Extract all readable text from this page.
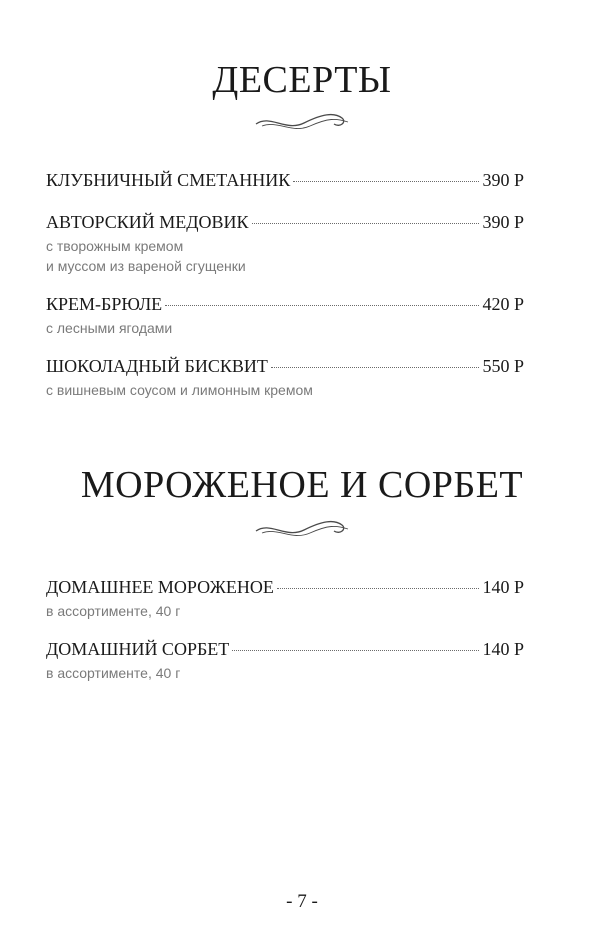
ДЕСЕРТЫ
КЛУБНИЧНЫЙ СМЕТАННИК	390 Р
АВТОРСКИЙ МЕДОВИК	390 Р
с творожным кремом
и муссом из вареной сгущенки
КРЕМ-БРЮЛЕ	420 Р
с лесными ягодами
ШОКОЛАДНЫЙ БИСКВИТ	550 Р
с вишневым соусом и лимонным кремом
МОРОЖЕНОЕ И СОРБЕТ
ДОМАШНЕЕ МОРОЖЕНОЕ	140 Р
в ассортименте, 40 г
ДОМАШНИЙ СОРБЕТ	140 Р
в ассортименте, 40 г
- 7 -
